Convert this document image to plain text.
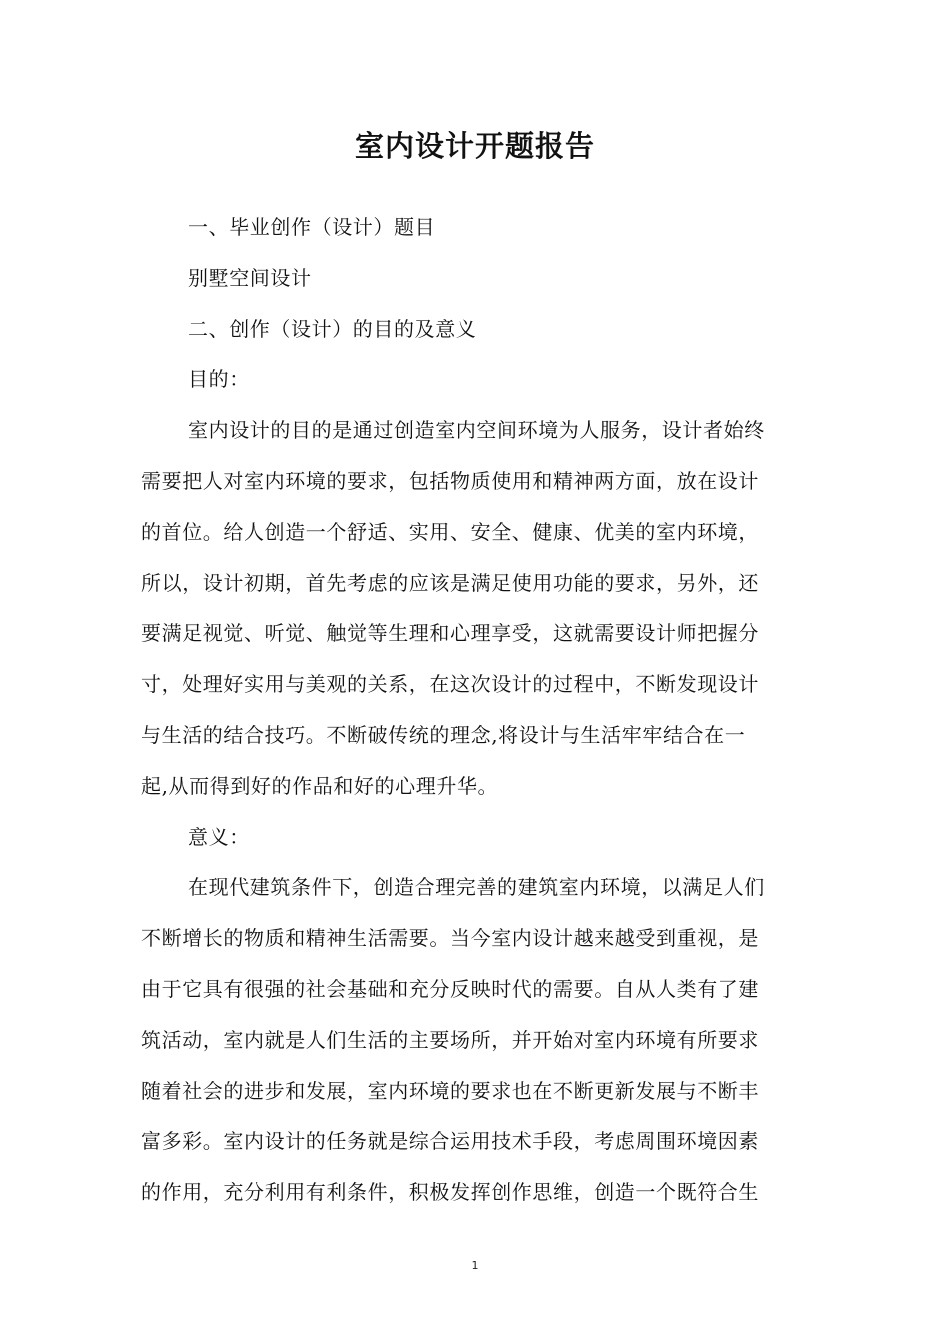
室内设计开题报告

一、毕业创作（设计）题目

别墅空间设计

二、创作（设计）的目的及意义

目的：

室内设计的目的是通过创造室内空间环境为人服务，设计者始终

需要把人对室内环境的要求，包括物质使用和精神两方面，放在设计

的首位。给人创造一个舒适、实用、安全、健康、优美的室内环境，

所以，设计初期，首先考虑的应该是满足使用功能的要求，另外，还

要满足视觉、听觉、触觉等生理和心理享受，这就需要设计师把握分

寸，处理好实用与美观的关系，在这次设计的过程中，不断发现设计

与生活的结合技巧。不断破传统的理念,将设计与生活牢牢结合在一

起,从而得到好的作品和好的心理升华。

意义：

在现代建筑条件下，创造合理完善的建筑室内环境，以满足人们

不断增长的物质和精神生活需要。当今室内设计越来越受到重视，是

由于它具有很强的社会基础和充分反映时代的需要。自从人类有了建

筑活动，室内就是人们生活的主要场所，并开始对室内环境有所要求

随着社会的进步和发展，室内环境的要求也在不断更新发展与不断丰

富多彩。室内设计的任务就是综合运用技术手段，考虑周围环境因素

的作用，充分利用有利条件，积极发挥创作思维，创造一个既符合生

1
